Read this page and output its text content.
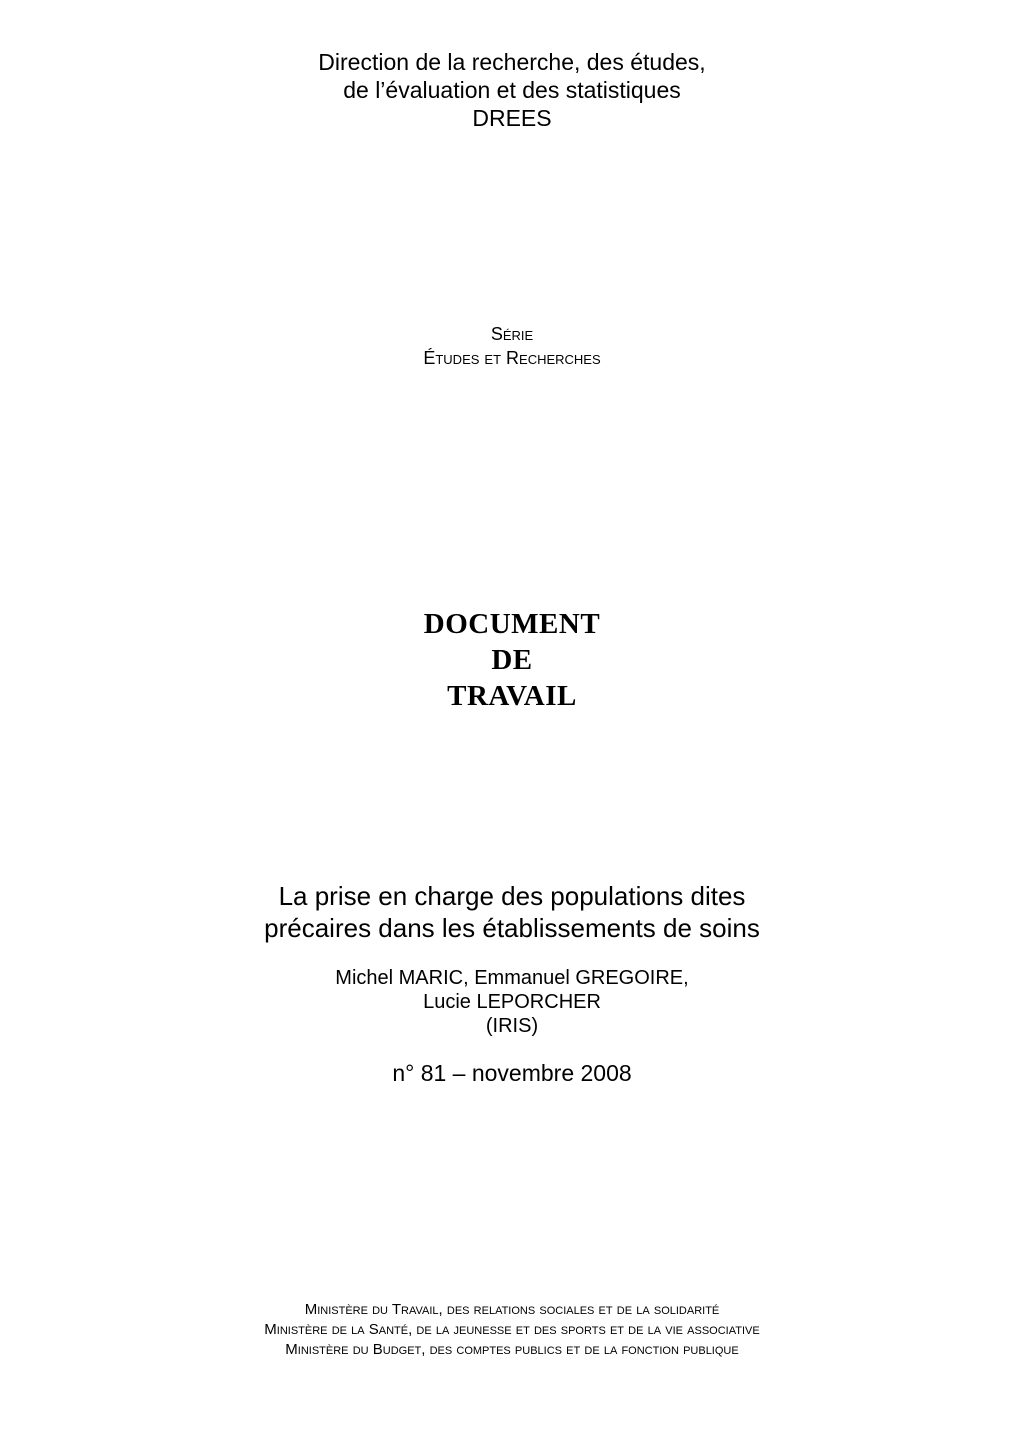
Direction de la recherche, des études,
de l’évaluation et des statistiques
DREES
Série
Études et Recherches
DOCUMENT
DE
TRAVAIL
La prise en charge des populations dites
précaires dans les établissements de soins
Michel MARIC, Emmanuel GREGOIRE,
Lucie LEPORCHER
(IRIS)
n° 81 – novembre 2008
Ministère du Travail, des relations sociales et de la solidarité
Ministère de la Santé, de la jeunesse et des sports et de la vie associative
Ministère du Budget, des comptes publics et de la fonction publique
